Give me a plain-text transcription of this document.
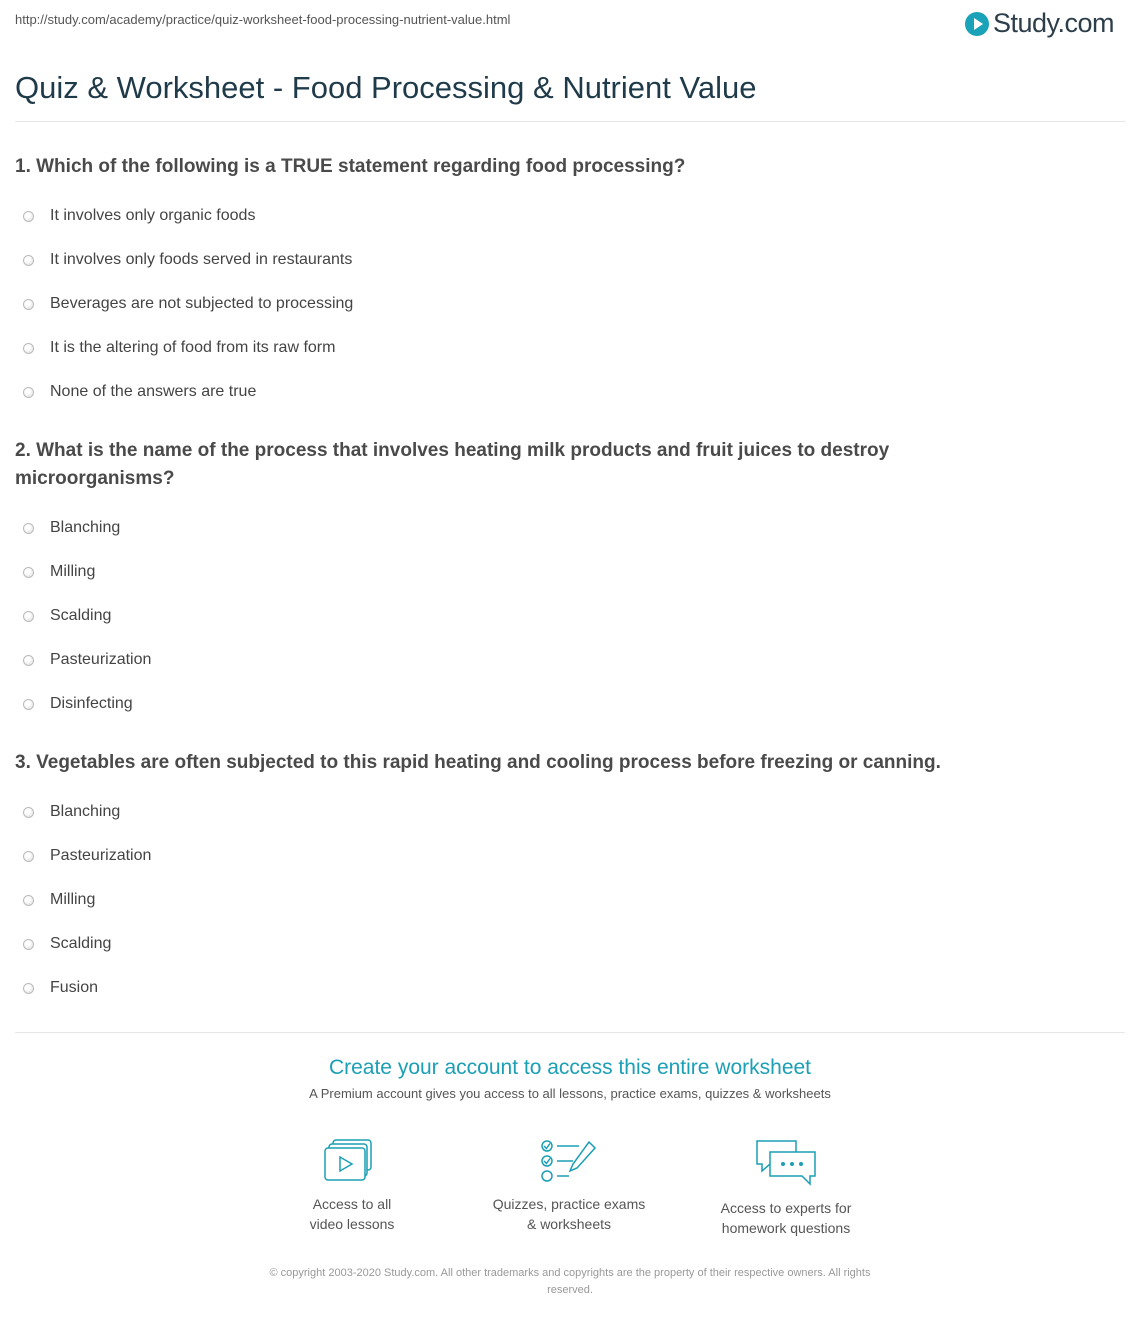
http://study.com/academy/practice/quiz-worksheet-food-processing-nutrient-value.html	Study.com
Quiz & Worksheet - Food Processing & Nutrient Value
1. Which of the following is a TRUE statement regarding food processing?
It involves only organic foods
It involves only foods served in restaurants
Beverages are not subjected to processing
It is the altering of food from its raw form
None of the answers are true
2. What is the name of the process that involves heating milk products and fruit juices to destroy microorganisms?
Blanching
Milling
Scalding
Pasteurization
Disinfecting
3. Vegetables are often subjected to this rapid heating and cooling process before freezing or canning.
Blanching
Pasteurization
Milling
Scalding
Fusion
Create your account to access this entire worksheet
A Premium account gives you access to all lessons, practice exams, quizzes & worksheets
Access to all
video lessons
Quizzes, practice exams
& worksheets
Access to experts for
homework questions
© copyright 2003-2020 Study.com. All other trademarks and copyrights are the property of their respective owners. All rights
reserved.
